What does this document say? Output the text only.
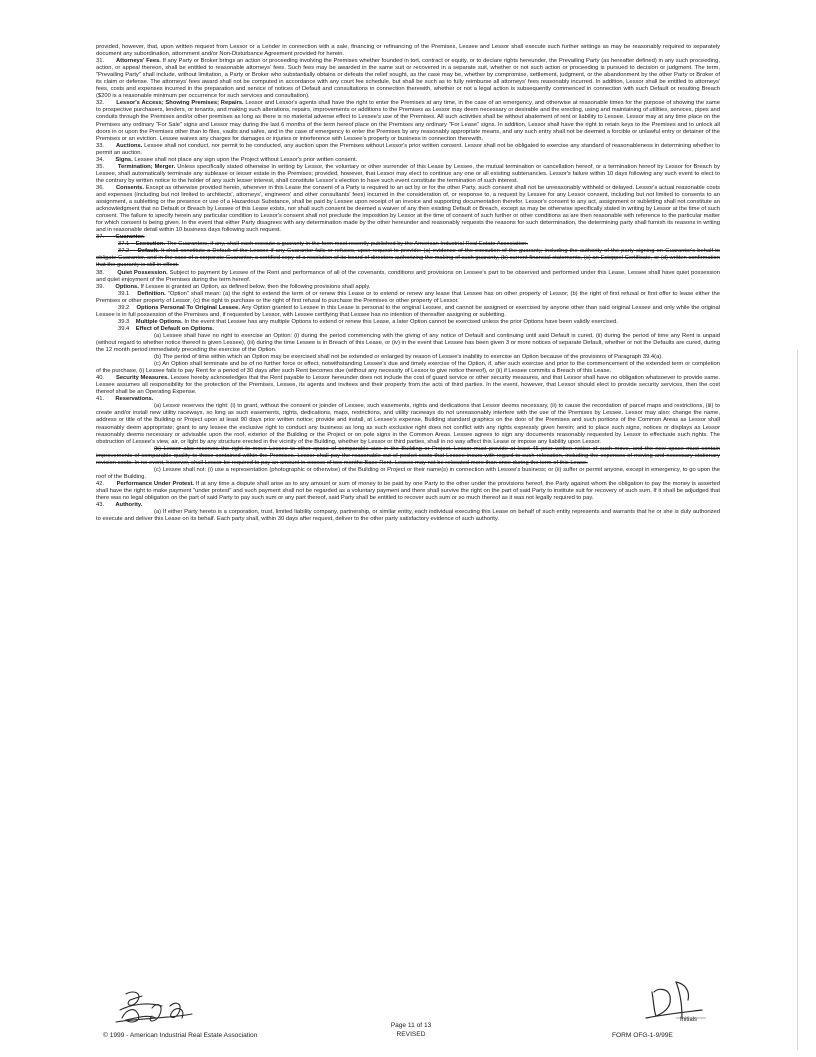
provided, however, that, upon written request from Lessor or a Lender in connection with a sale, financing or refinancing of the Premises, Lessee and Lessor shall execute such further writings as may be reasonably required to separately document any subordination, attornment and/or Non-Disturbance Agreement provided for herein.

31. Attorneys' Fees. If any Party or Broker brings an action or proceeding involving the Premises whether founded in tort, contract or equity, or to declare rights hereunder, the Prevailing Party (as hereafter defined) in any such proceeding, action, or appeal thereon, shall be entitled to reasonable attorneys' fees. Such fees may be awarded in the same suit or recovered in a separate suit, whether or not such action or proceeding is pursued to decision or judgment. The term, "Prevailing Party" shall include, without limitation, a Party or Broker who substantially obtains or defeats the relief sought, as the case may be, whether by compromise, settlement, judgment, or the abandonment by the other Party or Broker of its claim or defense. The attorneys' fees award shall not be computed in accordance with any court fee schedule, but shall be such as to fully reimburse all attorneys' fees reasonably incurred. In addition, Lessor shall be entitled to attorneys' fees, costs and expenses incurred in the preparation and service of notices of Default and consultations in connection therewith, whether or not a legal action is subsequently commenced in connection with such Default or resulting Breach ($200 is a reasonable minimum per occurrence for such services and consultation).

32. Lessor's Access; Showing Premises; Repairs. Lessor and Lessor's agents shall have the right to enter the Premises at any time, in the case of an emergency, and otherwise at reasonable times for the purpose of showing the same to prospective purchasers, lenders, or tenants, and making such alterations, repairs, improvements or additions to the Premises as Lessor may deem necessary or desirable and the erecting, using and maintaining of utilities, services, pipes and conduits through the Premises and/or other premises as long as there is no material adverse effect to Lessee's use of the Premises. All such activities shall be without abatement of rent or liability to Lessee. Lessor may at any time place on the Premises any ordinary "For Sale" signs and Lessor may during the last 6 months of the term hereof place on the Premises any ordinary "For Lease" signs. In addition, Lessor shall have the right to retain keys to the Premises and to unlock all doors in or upon the Premises other than to files, vaults and safes, and in the case of emergency to enter the Premises by any reasonably appropriate means, and any such entry shall not be deemed a forcible or unlawful entry or detainer of the Premises or an eviction. Lessee waives any charges for damages or injuries or interference with Lessee's property or business in connection therewith.

33. Auctions. Lessee shall not conduct, nor permit to be conducted, any auction upon the Premises without Lessor's prior written consent. Lessor shall not be obligated to exercise any standard of reasonableness in determining whether to permit an auction.

34. Signs. Lessee shall not place any sign upon the Project without Lessor's prior written consent.

35. Termination; Merger. Unless specifically stated otherwise in writing by Lessor, the voluntary or other surrender of this Lease by Lessee, the mutual termination or cancellation hereof, or a termination hereof by Lessor for Breach by Lessee, shall automatically terminate any sublease or lesser estate in the Premises; provided, however, that Lessor may elect to continue any one or all existing subtenancies. Lessor's failure within 10 days following any such event to elect to the contrary by written notice to the holder of any such lesser interest, shall constitute Lessor's election to have such event constitute the termination of such interest.

36. Consents. Except as otherwise provided herein, wherever in this Lease the consent of a Party is required to an act by or for the other Party, such consent shall not be unreasonably withheld or delayed. Lessor's actual reasonable costs and expenses (including but not limited to architects', attorneys', engineers' and other consultants' fees) incurred in the consideration of, or response to, a request by Lessee for any Lessor consent, including but not limited to consents to an assignment, a subletting or the presence or use of a Hazardous Substance, shall be paid by Lessee upon receipt of an invoice and supporting documentation therefor. Lessor's consent to any act, assignment or subletting shall not constitute an acknowledgment that no Default or Breach by Lessee of this Lease exists, nor shall such consent be deemed a waiver of any then existing Default or Breach, except as may be otherwise specifically stated in writing by Lessor at the time of such consent. The failure to specify herein any particular condition to Lessor's consent shall not preclude the imposition by Lessor at the time of consent of such further or other conditions as are then reasonable with reference to the particular matter for which consent is being given. In the event that either Party disagrees with any determination made by the other hereunder and reasonably requests the reasons for such determination, the determining party shall furnish its reasons in writing and in reasonable detail within 10 business days following such request.

37. Guarantor.

37.1 Execution. The Guarantors, if any, shall each execute a guaranty in the form most recently published by the American Industrial Real Estate Association.

37.2 Default. It shall constitute a Default of the Lessee if any Guarantor fails or refuses, upon request to provide: (a) evidence of the execution of the guaranty, including the authority of the party signing on Guarantor's behalf to obligate Guarantor, and in the case of a corporate Guarantor, a certified copy of a resolution of its board of directors authorizing the making of such guaranty, (b) current financial statements, (c) an Estoppel Certificate, or (d) written confirmation that the guaranty is still in effect.

38. Quiet Possession. Subject to payment by Lessee of the Rent and performance of all of the covenants, conditions and provisions on Lessee's part to be observed and performed under this Lease, Lessee shall have quiet possession and quiet enjoyment of the Premises during the term hereof.

39. Options. If Lessee is granted an Option, as defined below, then the following provisions shall apply.

39.1 Definition. "Option" shall mean: (a) the right to extend the term of or renew this Lease or to extend or renew any lease that Lessee has on other property of Lessor; (b) the right of first refusal or first offer to lease either the Premises or other property of Lessor; (c) the right to purchase or the right of first refusal to purchase the Premises or other property of Lessor.

39.2 Options Personal To Original Lessee. Any Option granted to Lessee in this Lease is personal to the original Lessee, and cannot be assigned or exercised by anyone other than said original Lessee and only while the original Lessee is in full possession of the Premises and, if requested by Lessor, with Lessee certifying that Lessee has no intention of thereafter assigning or subletting.

39.3 Multiple Options. In the event that Lessee has any multiple Options to extend or renew this Lease, a later Option cannot be exercised unless the prior Options have been validly exercised.

39.4 Effect of Default on Options.

(a) Lessee shall have no right to exercise an Option: (i) during the period commencing with the giving of any notice of Default and continuing until said Default is cured, (ii) during the period of time any Rent is unpaid (without regard to whether notice thereof is given Lessee), (iii) during the time Lessee is in Breach of this Lease, or (iv) in the event that Lessee has been given 3 or more notices of separate Default, whether or not the Defaults are cured, during the 12 month period immediately preceding the exercise of the Option.

(b) The period of time within which an Option may be exercised shall not be extended or enlarged by reason of Lessee's inability to exercise an Option because of the provisions of Paragraph 39.4(a).

(c) An Option shall terminate and be of no further force or effect, notwithstanding Lessee's due and timely exercise of the Option, if, after such exercise and prior to the commencement of the extended term or completion of the purchase, (i) Lessee fails to pay Rent for a period of 30 days after such Rent becomes due (without any necessity of Lessor to give notice thereof), or (ii) if Lessee commits a Breach of this Lease.

40. Security Measures. Lessee hereby acknowledges that the Rent payable to Lessor hereunder does not include the cost of guard service or other security measures, and that Lessor shall have no obligation whatsoever to provide same. Lessee assumes all responsibility for the protection of the Premises, Lessee, its agents and invitees and their property from the acts of third parties. In the event, however, that Lessor should elect to provide security services, then the cost thereof shall be an Operating Expense.

41. Reservations.

(a) Lessor reserves the right: (i) to grant, without the consent or joinder of Lessee, such easements, rights and dedications that Lessor deems necessary, (ii) to cause the recordation of parcel maps and restrictions, (iii) to create and/or install new utility raceways, so long as such easements, rights, dedications, maps, restrictions, and utility raceways do not unreasonably interfere with the use of the Premises by Lessee. Lessor may also: change the name, address or title of the Building or Project upon at least 90 days prior written notice; provide and install, at Lessee's expense, Building standard graphics on the door of the Premises and such portions of the Common Areas as Lessor shall reasonably deem appropriate; grant to any lessee the exclusive right to conduct any business as long as such exclusive right does not conflict with any rights expressly given herein; and to place such signs, notices or displays as Lessor reasonably deems necessary or advisable upon the roof, exterior of the Building or the Project or on pole signs in the Common Areas. Lessee agrees to sign any documents reasonably requested by Lessor to effectuate such rights. The obstruction of Lessee's view, air, or light by any structure erected in the vicinity of the Building, whether by Lessor or third parties, shall in no way affect this Lease or impose any liability upon Lessor.

(b) Lessor also reserves the right to move Lessee to other space of comparable size in the Building or Project. Lessor must provide at least 45 prior written notice of such move, and the new space must contain improvements of comparable quality to those contained within the Premises. Lessor shall pay the reasonable out of pocket costs that Lessee incurs with regard to such relocation, including the expenses of moving and necessary stationary revision costs. In no event, however, shall Lessor be required to pay an amount in excess of two months Base Rent. Lessee may not be relocated more than once during the term of this Lease.

(c) Lessee shall not: (i) use a representation (photographic or otherwise) of the Building or Project or their name(s) in connection with Lessee's business; or (ii) suffer or permit anyone, except in emergency, to go upon the roof of the Building.

42. Performance Under Protest. If at any time a dispute shall arise as to any amount or sum of money to be paid by one Party to the other under the provisions hereof, the Party against whom the obligation to pay the money is asserted shall have the right to make payment "under protest" and such payment shall not be regarded as a voluntary payment and there shall survive the right on the part of said Party to institute suit for recovery of such sum. If it shall be adjudged that there was no legal obligation on the part of said Party to pay such sum or any part thereof, said Party shall be entitled to recover such sum or so much thereof as it was not legally required to pay.

43. Authority.

(a) If either Party hereto is a corporation, trust, limited liability company, partnership, or similar entity, each individual executing this Lease on behalf of such entity represents and warrants that he or she is duly authorized to execute and deliver this Lease on its behalf. Each party shall, within 30 days after request, deliver to the other party satisfactory evidence of such authority.

Initials
© 1999 - American Industrial Real Estate Association
Page 11 of 13
REVISED	FORM OFG-1-9/99E
